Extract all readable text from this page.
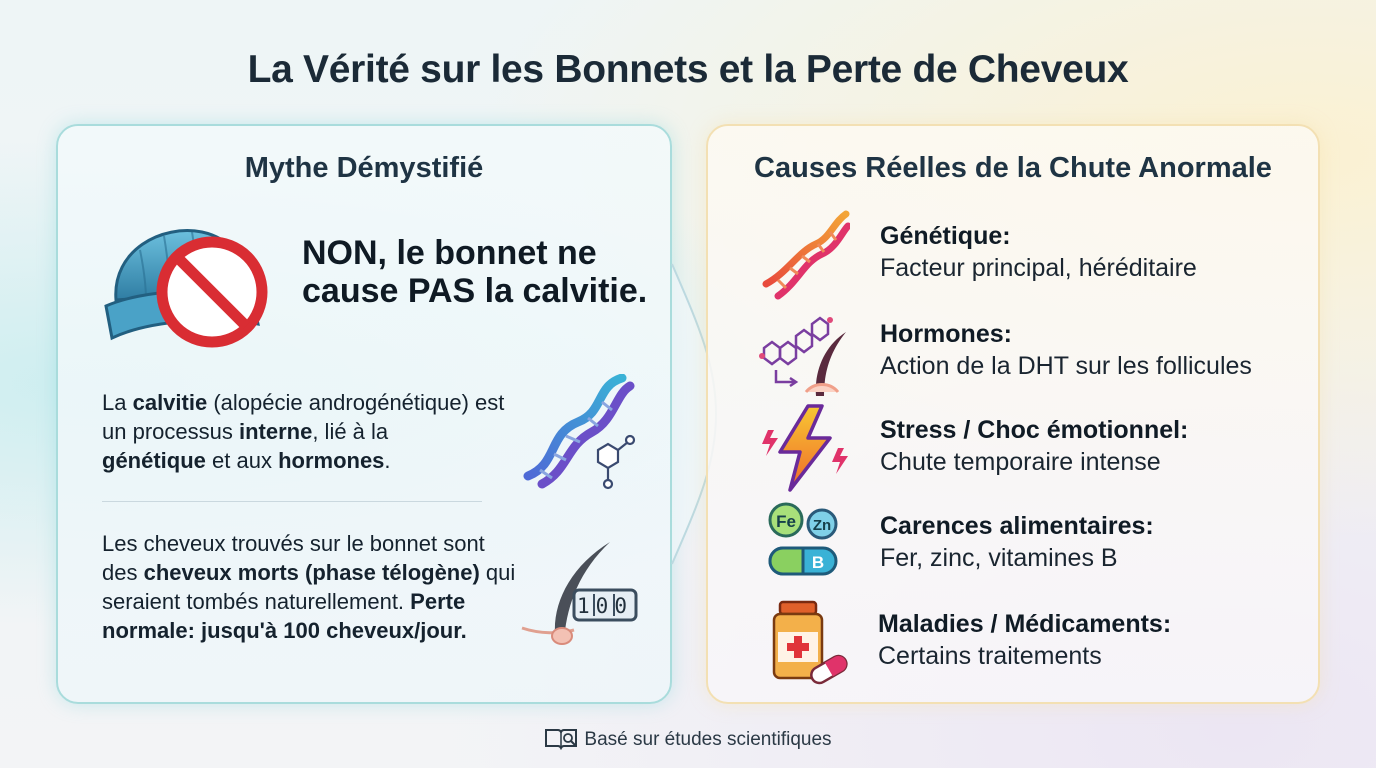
La Vérité sur les Bonnets et la Perte de Cheveux
Mythe Démystifié
NON, le bonnet ne
cause PAS la calvitie.
La calvitie (alopécie androgénétique) est un processus interne, lié à la
génétique et aux hormones.
Les cheveux trouvés sur le bonnet sont des cheveux morts (phase télogène) qui seraient tombés naturellement. Perte normale: jusqu'à 100 cheveux/jour.
100
Causes Réelles de la Chute Anormale
Génétique:
Facteur principal, héréditaire
Hormones:
Action de la DHT sur les follicules
Stress / Choc émotionnel:
Chute temporaire intense
Fe Zn
B
Carences alimentaires:
Fer, zinc, vitamines B
Maladies / Médicaments:
Certains traitements
Basé sur études scientifiques
